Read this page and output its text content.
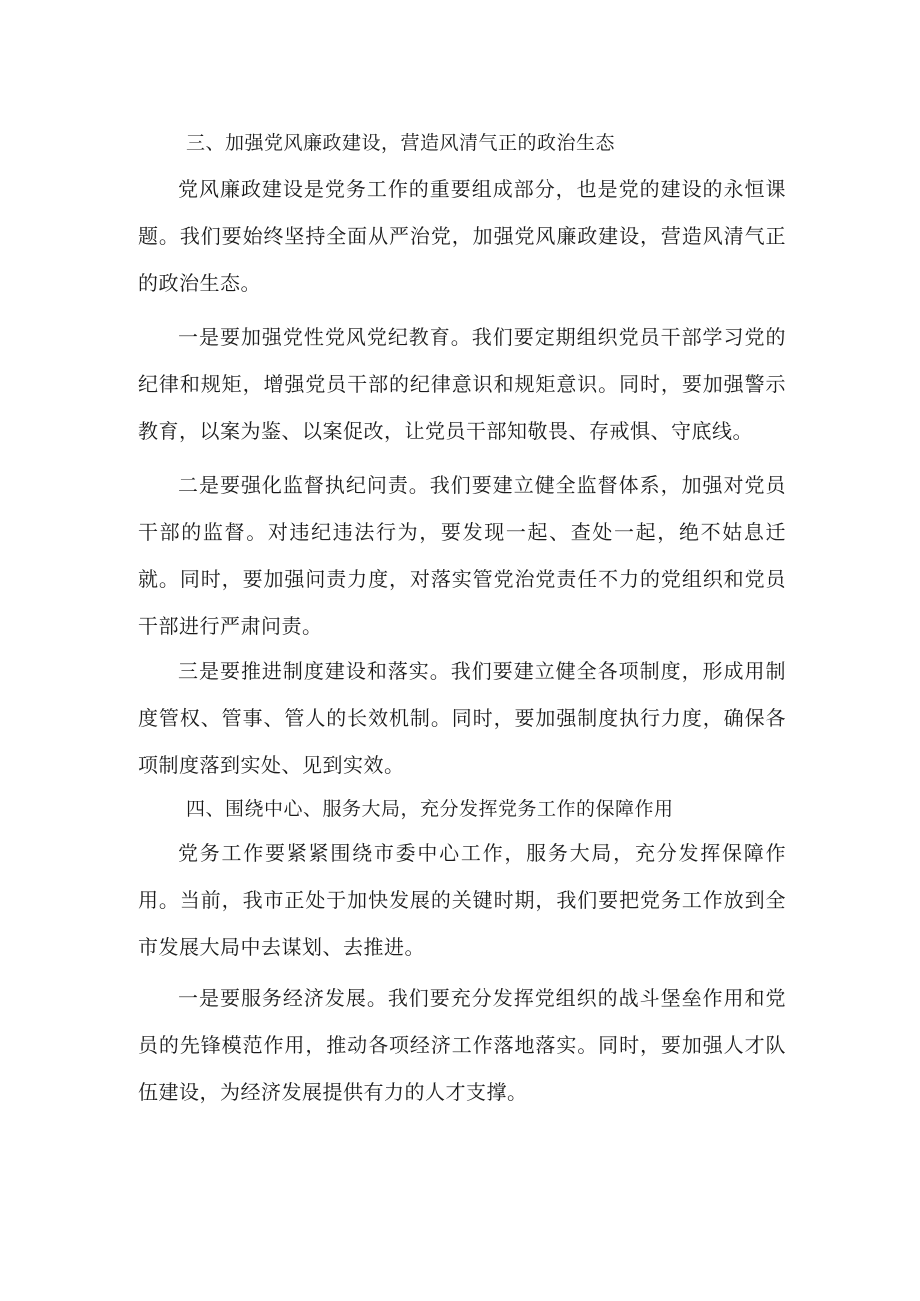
三、加强党风廉政建设，营造风清气正的政治生态

党风廉政建设是党务工作的重要组成部分，也是党的建设的永恒课题。我们要始终坚持全面从严治党，加强党风廉政建设，营造风清气正的政治生态。

一是要加强党性党风党纪教育。我们要定期组织党员干部学习党的纪律和规矩，增强党员干部的纪律意识和规矩意识。同时，要加强警示教育，以案为鉴、以案促改，让党员干部知敬畏、存戒惧、守底线。

二是要强化监督执纪问责。我们要建立健全监督体系，加强对党员干部的监督。对违纪违法行为，要发现一起、查处一起，绝不姑息迁就。同时，要加强问责力度，对落实管党治党责任不力的党组织和党员干部进行严肃问责。

三是要推进制度建设和落实。我们要建立健全各项制度，形成用制度管权、管事、管人的长效机制。同时，要加强制度执行力度，确保各项制度落到实处、见到实效。

四、围绕中心、服务大局，充分发挥党务工作的保障作用

党务工作要紧紧围绕市委中心工作，服务大局，充分发挥保障作用。当前，我市正处于加快发展的关键时期，我们要把党务工作放到全市发展大局中去谋划、去推进。

一是要服务经济发展。我们要充分发挥党组织的战斗堡垒作用和党员的先锋模范作用，推动各项经济工作落地落实。同时，要加强人才队伍建设，为经济发展提供有力的人才支撑。
